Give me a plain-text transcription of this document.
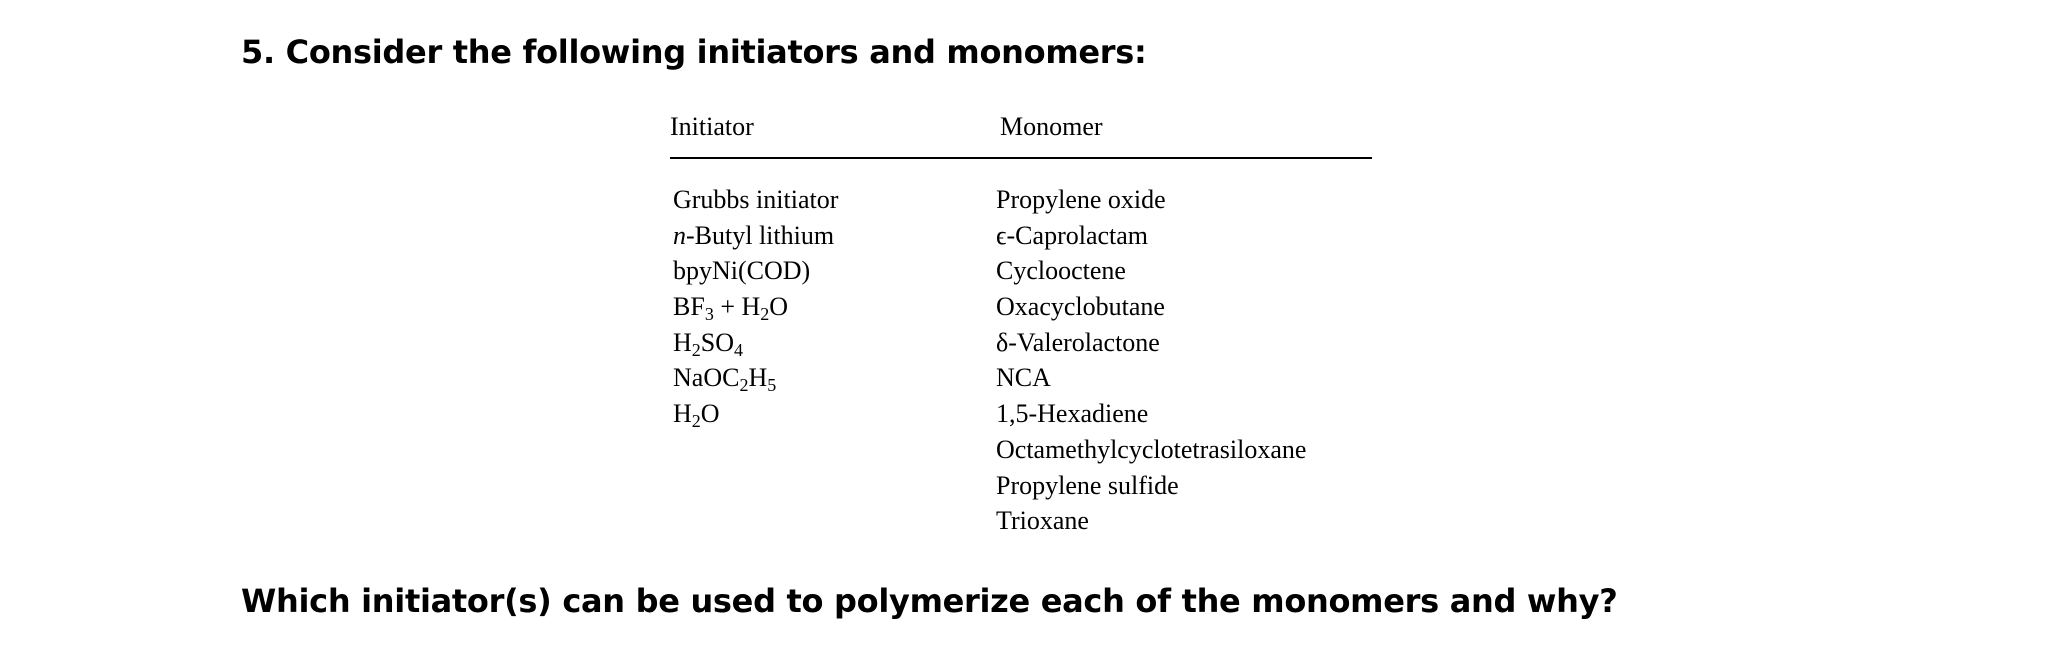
5. Consider the following initiators and monomers:
Initiator	Monomer
Grubbs initiator
n-Butyl lithium
bpyNi(COD)
$BF_3 + H_2O$
$H_2SO_4$
$NaOC_2H_5$
$H_2O$
Propylene oxide
ϵ-Caprolactam
Cyclooctene
Oxacyclobutane
δ-Valerolactone
NCA
1,5-Hexadiene
Octamethylcyclotetrasiloxane
Propylene sulfide
Trioxane
Which initiator(s) can be used to polymerize each of the monomers and why?
